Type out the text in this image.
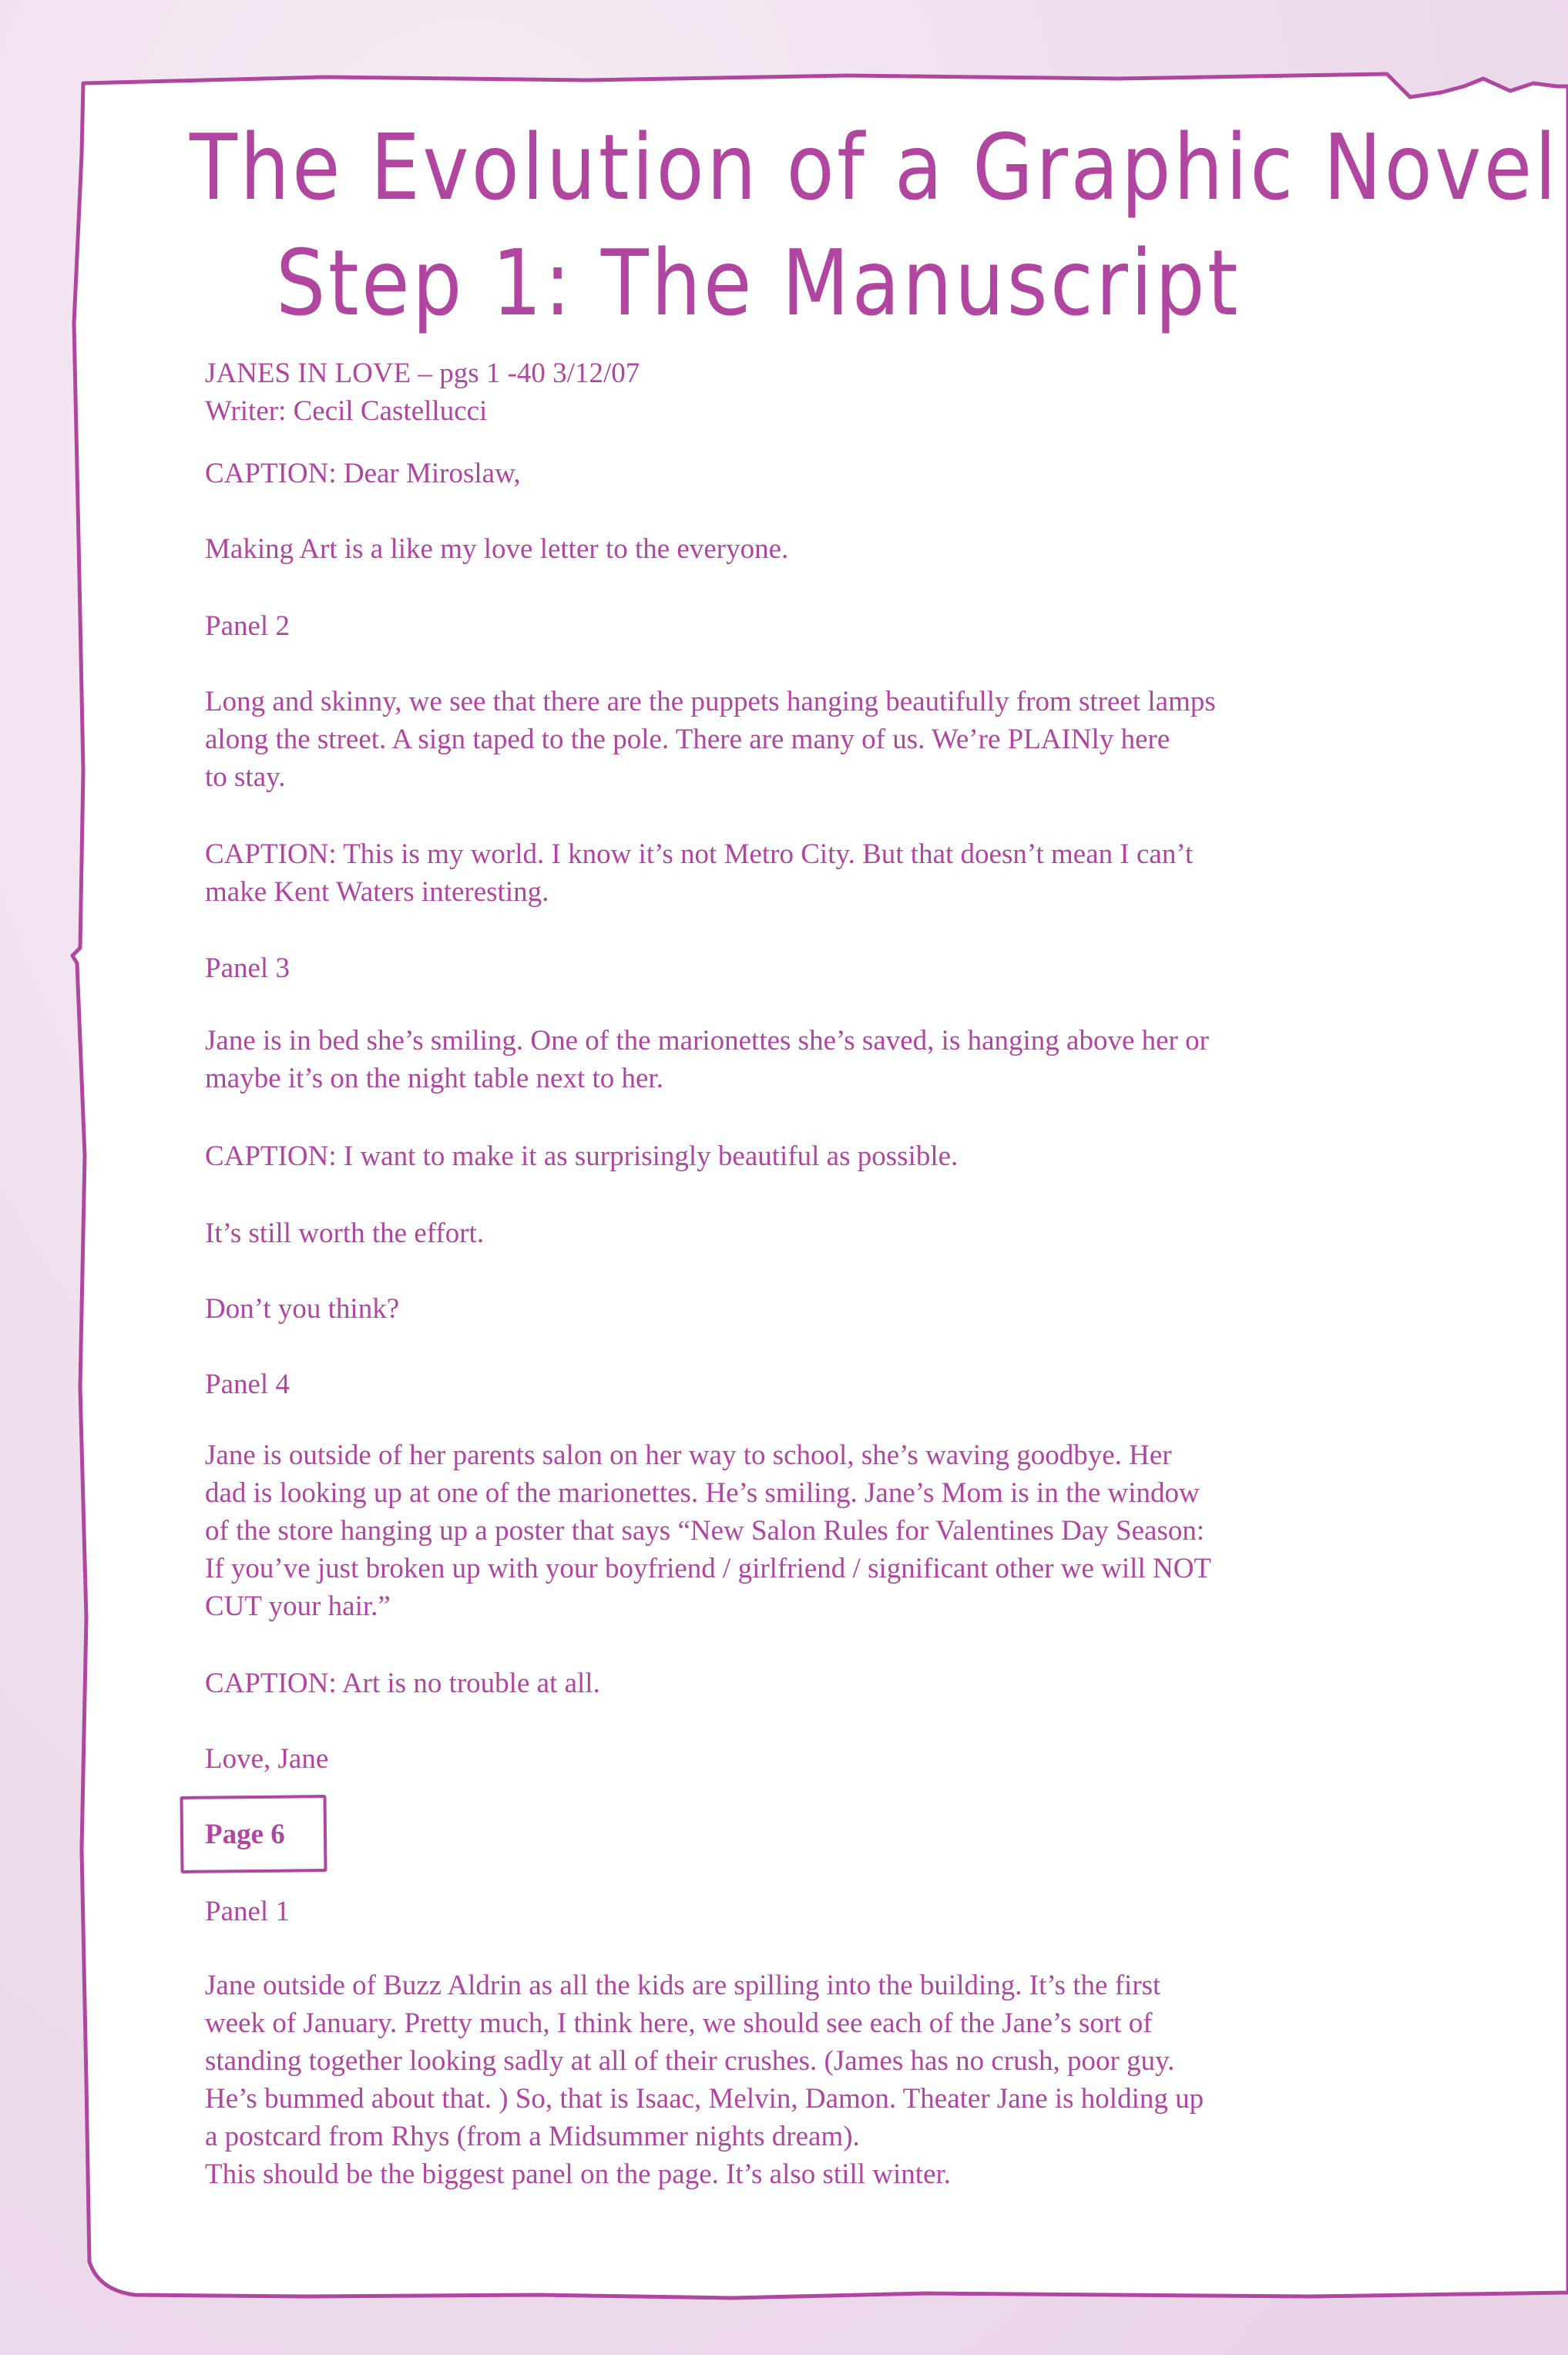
The Evolution of a Graphic Novel
Step 1: The Manuscript
JANES IN LOVE – pgs 1 -40 3/12/07
Writer: Cecil Castellucci
CAPTION: Dear Miroslaw,
Making Art is a like my love letter to the everyone.
Panel 2
Long and skinny, we see that there are the puppets hanging beautifully from street lamps
along the street. A sign taped to the pole. There are many of us. We’re PLAINly here
to stay.
CAPTION: This is my world. I know it’s not Metro City. But that doesn’t mean I can’t
make Kent Waters interesting.
Panel 3
Jane is in bed she’s smiling. One of the marionettes she’s saved, is hanging above her or
maybe it’s on the night table next to her.
CAPTION: I want to make it as surprisingly beautiful as possible.
It’s still worth the effort.
Don’t you think?
Panel 4
Jane is outside of her parents salon on her way to school, she’s waving goodbye. Her
dad is looking up at one of the marionettes. He’s smiling. Jane’s Mom is in the window
of the store hanging up a poster that says “New Salon Rules for Valentines Day Season:
If you’ve just broken up with your boyfriend / girlfriend / significant other we will NOT
CUT your hair.”
CAPTION: Art is no trouble at all.
Love, Jane
Page 6
Panel 1
Jane outside of Buzz Aldrin as all the kids are spilling into the building. It’s the first
week of January. Pretty much, I think here, we should see each of the Jane’s sort of
standing together looking sadly at all of their crushes. (James has no crush, poor guy.
He’s bummed about that. ) So, that is Isaac, Melvin, Damon. Theater Jane is holding up
a postcard from Rhys (from a Midsummer nights dream).
This should be the biggest panel on the page. It’s also still winter.
